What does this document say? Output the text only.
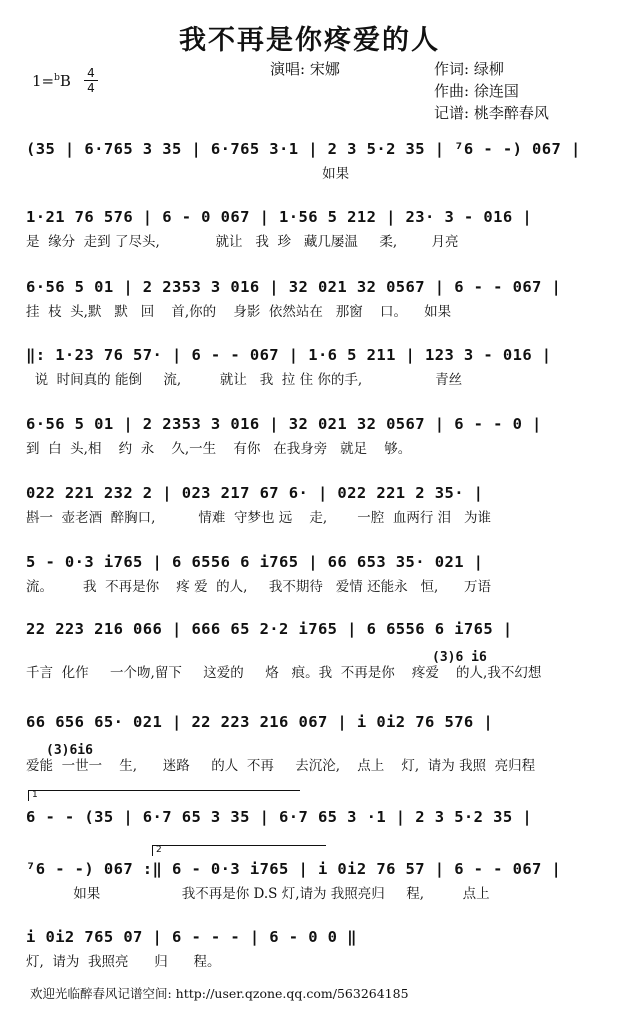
我不再是你疼爱的人
1=$^b$B 4
4
演唱: 宋娜	作词: 绿柳
作曲: 徐连国
记谱: 桃李醉春风
(35 | 6·765 3 35 | 6·765 3·1 | 2 3 5·2 35 | ⁷6 - -) 067 |
如果
1·21 76 576 | 6 - 0 067 | 1·56 5 212 | 23· 3 - 016 |
是  缘分  走到 了尽头,             就让   我  珍   藏几屡温     柔,        月亮
6·56 5 01 | 2 2353 3 016 | 32 021 32 0567 | 6 - - 067 |
挂  枝  头,默   默   回    首,你的    身影  依然站在   那窗    口。    如果
‖: 1·23 76 57· | 6 - - 067 | 1·6 5 211 | 123 3 - 016 |
说  时间真的 能倒     流,         就让   我  拉 住 你的手,                 青丝
6·56 5 01 | 2 2353 3 016 | 32 021 32 0567 | 6 - - 0 |
到  白  头,相    约  永    久,一生    有你   在我身旁   就足    够。
022 221 232 2 | 023 217 67 6· | 022 221 2 35· |
斟一  壶老酒  醉胸口,          情难  守梦也 远    走,       一腔  血两行 泪   为谁
5 - 0·3 i765 | 6 6556 6 i765 | 66 653 35· 021 |
流。       我  不再是你    疼 爱  的人,     我不期待   爱情 还能永   恒,      万语
22 223 216 066 | 666 65 2·2 i765 | 6 6556 6 i765 |
千言  化作     一个吻,留下     这爱的     烙   痕。我  不再是你    疼爱    的人,我不幻想
(3)6 i6
66 656 65· 021 | 22 223 216 067 | i 0i2 76 576 |
爱能  一世一    生,      迷路     的人  不再     去沉沦,    点上    灯,  请为 我照  亮归程
(3)6i6
1
6 - - (35 | 6·7 65 3 35 | 6·7 65 3 ·1 | 2 3 5·2 35 |
2
⁷6 - -) 067 :‖ 6 - 0·3 i765 | i 0i2 76 57 | 6 - - 067 |
如果                   我不再是你 D.S 灯,请为 我照亮归     程,         点上
i 0i2 765 07 | 6 - - - | 6 - 0 0 ‖
灯,  请为  我照亮      归      程。
欢迎光临醉春风记谱空间: http://user.qzone.qq.com/563264185
